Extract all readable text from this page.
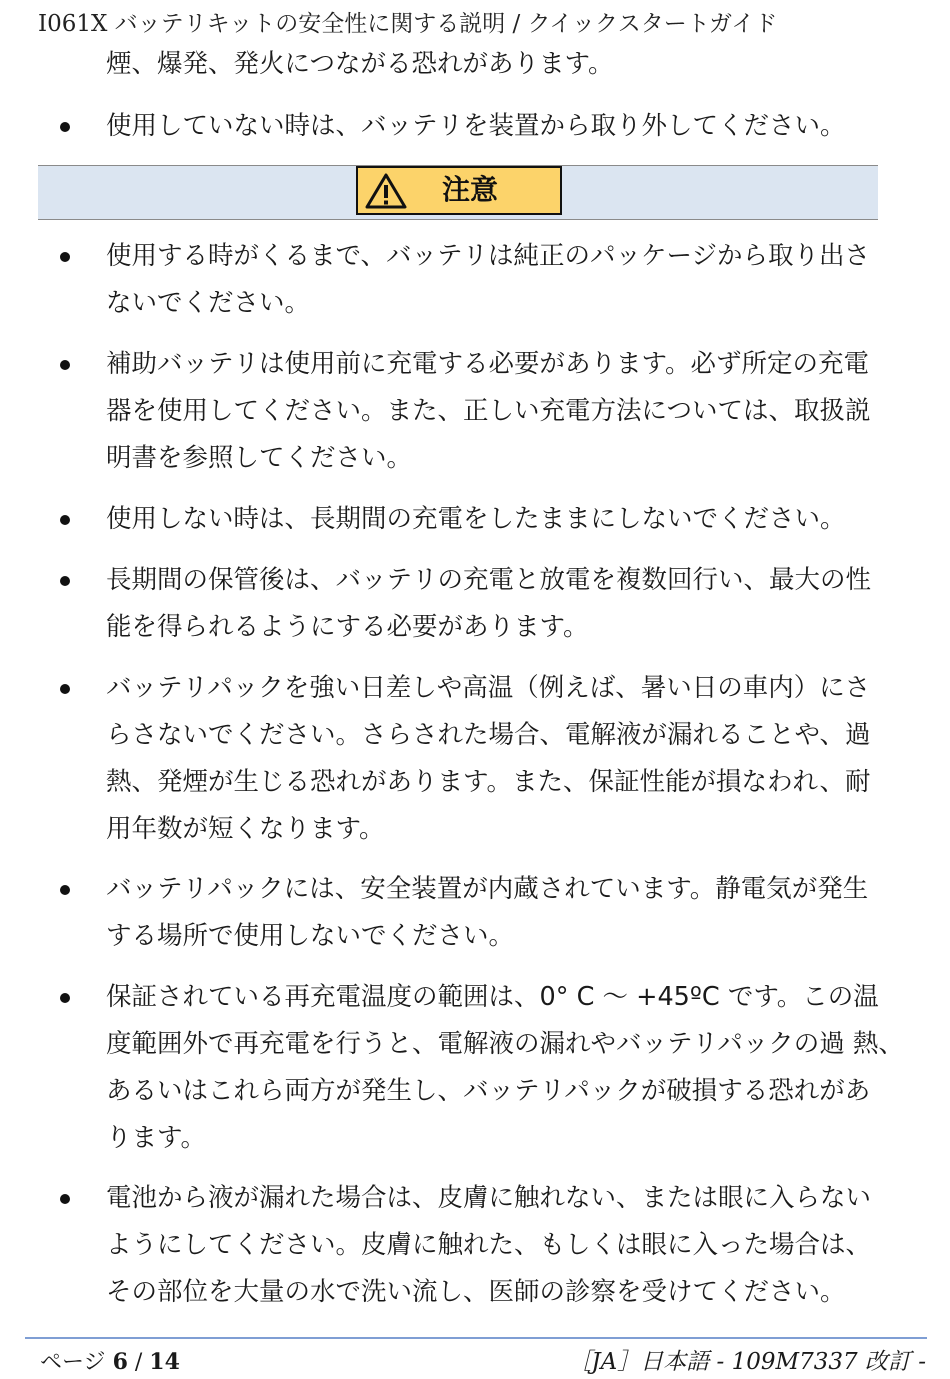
I061X バッテリキットの安全性に関する説明 / クイックスタートガイド
煙、爆発、発火につながる恐れがあります。
使用していない時は、バッテリを装置から取り外してください。
注意
使用する時がくるまで、バッテリは純正のパッケージから取り出さ
ないでください。
補助バッテリは使用前に充電する必要があります。必ず所定の充電
器を使用してください。また、正しい充電方法については、取扱説
明書を参照してください。
使用しない時は、長期間の充電をしたままにしないでください。
長期間の保管後は、バッテリの充電と放電を複数回行い、最大の性
能を得られるようにする必要があります。
バッテリパックを強い日差しや高温（例えば、暑い日の車内）にさ
らさないでください。さらされた場合、電解液が漏れることや、過
熱、発煙が生じる恐れがあります。また、保証性能が損なわれ、耐
用年数が短くなります。
バッテリパックには、安全装置が内蔵されています。静電気が発生
する場所で使用しないでください。
保証されている再充電温度の範囲は、0° C ～ +45ºC です。この温
度範囲外で再充電を行うと、電解液の漏れやバッテリパックの過 熱、
あるいはこれら両方が発生し、バッテリパックが破損する恐れがあ
ります。
電池から液が漏れた場合は、皮膚に触れない、または眼に入らない
ようにしてください。皮膚に触れた、もしくは眼に入った場合は、
その部位を大量の水で洗い流し、医師の診察を受けてください。
ページ 6 / 14	［JA］日本語 - 109M7337 改訂 -
